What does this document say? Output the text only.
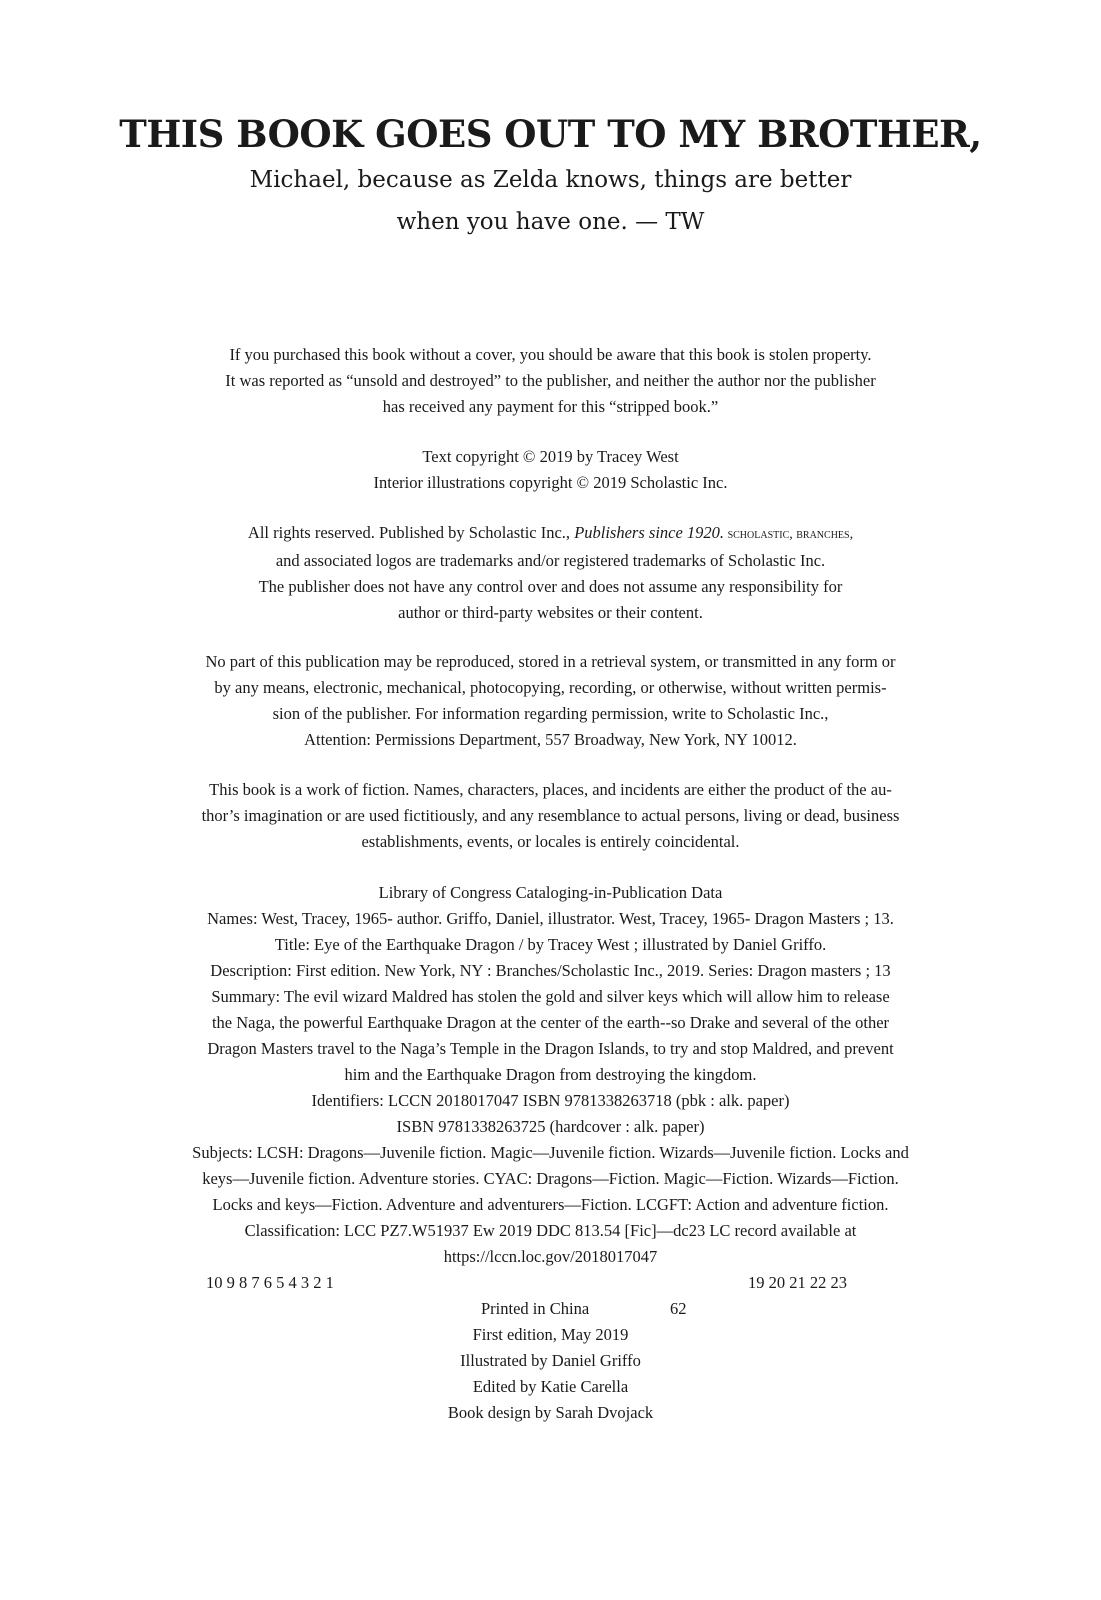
THIS BOOK GOES OUT TO MY BROTHER,

Michael, because as Zelda knows, things are better

when you have one. — TW

If you purchased this book without a cover, you should be aware that this book is stolen property.

It was reported as “unsold and destroyed” to the publisher, and neither the author nor the publisher

has received any payment for this “stripped book.”

Text copyright © 2019 by Tracey West

Interior illustrations copyright © 2019 Scholastic Inc.

All rights reserved. Published by Scholastic Inc., Publishers since 1920. scholastic, branches,

and associated logos are trademarks and/or registered trademarks of Scholastic Inc.

The publisher does not have any control over and does not assume any responsibility for

author or third-party websites or their content.

No part of this publication may be reproduced, stored in a retrieval system, or transmitted in any form or

by any means, electronic, mechanical, photocopying, recording, or otherwise, without written permis-

sion of the publisher. For information regarding permission, write to Scholastic Inc.,

Attention: Permissions Department, 557 Broadway, New York, NY 10012.

This book is a work of fiction. Names, characters, places, and incidents are either the product of the au-

thor’s imagination or are used fictitiously, and any resemblance to actual persons, living or dead, business

establishments, events, or locales is entirely coincidental.

Library of Congress Cataloging-in-Publication Data

Names: West, Tracey, 1965- author. Griffo, Daniel, illustrator. West, Tracey, 1965- Dragon Masters ; 13.

Title: Eye of the Earthquake Dragon / by Tracey West ; illustrated by Daniel Griffo.

Description: First edition. New York, NY : Branches/Scholastic Inc., 2019. Series: Dragon masters ; 13

Summary: The evil wizard Maldred has stolen the gold and silver keys which will allow him to release

the Naga, the powerful Earthquake Dragon at the center of the earth--so Drake and several of the other

Dragon Masters travel to the Naga’s Temple in the Dragon Islands, to try and stop Maldred, and prevent

him and the Earthquake Dragon from destroying the kingdom.

Identifiers: LCCN 2018017047 ISBN 9781338263718 (pbk : alk. paper)

ISBN 9781338263725 (hardcover : alk. paper)

Subjects: LCSH: Dragons—Juvenile fiction. Magic—Juvenile fiction. Wizards—Juvenile fiction. Locks and

keys—Juvenile fiction. Adventure stories. CYAC: Dragons—Fiction. Magic—Fiction. Wizards—Fiction.

Locks and keys—Fiction. Adventure and adventurers—Fiction. LCGFT: Action and adventure fiction.

Classification: LCC PZ7.W51937 Ew 2019 DDC 813.54 [Fic]—dc23 LC record available at

https://lccn.loc.gov/2018017047

10 9 8 7 6 5 4 3 2 1	19 20 21 22 23
Printed in China	62

First edition, May 2019

Illustrated by Daniel Griffo

Edited by Katie Carella

Book design by Sarah Dvojack
